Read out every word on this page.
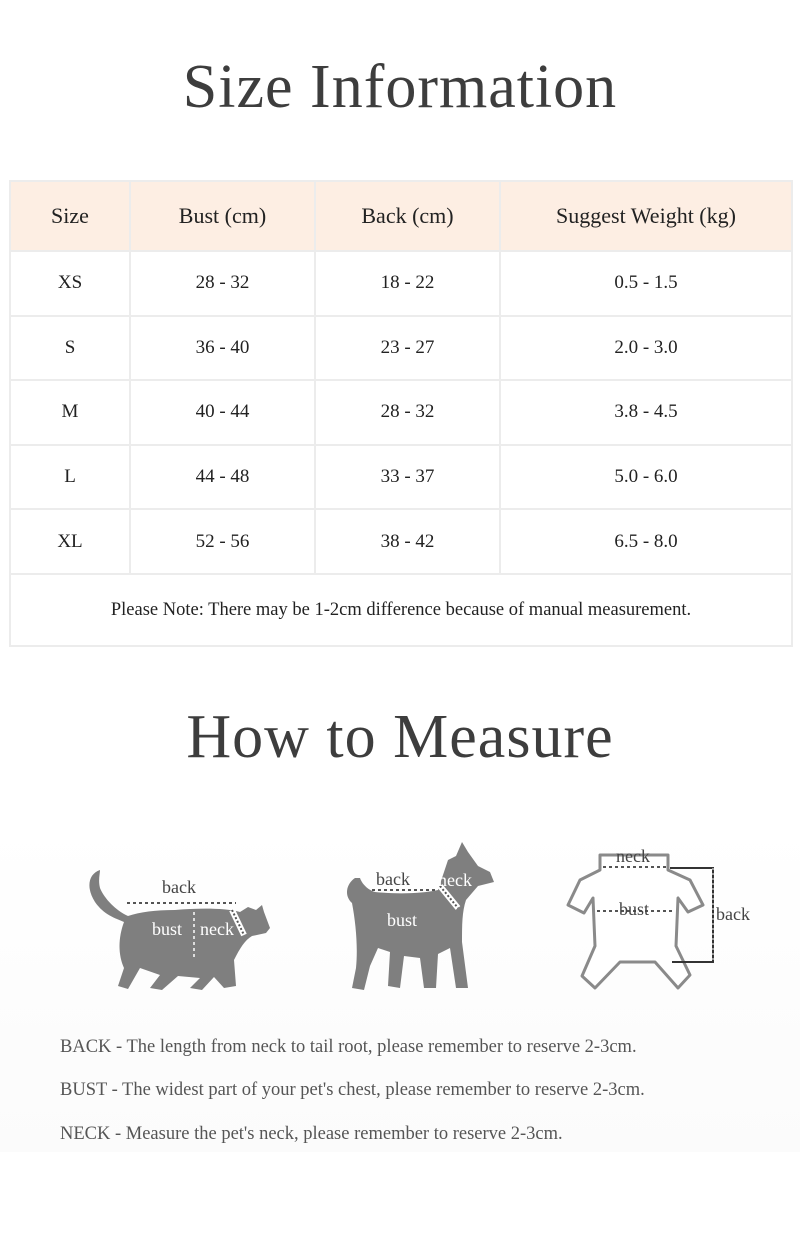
Size Information
Size	Bust (cm)	Back (cm)	Suggest Weight (kg)
XS	28 - 32	18 - 22	0.5 - 1.5
S	36 - 40	23 - 27	2.0 - 3.0
M	40 - 44	28 - 32	3.8 - 4.5
L	44 - 48	33 - 37	5.0 - 6.0
XL	52 - 56	38 - 42	6.5 - 8.0
Please Note: There may be 1-2cm difference because of manual measurement.			
How to Measure
back
bust neck
back neck
bust
neck
bust	back

BACK - The length from neck to tail root, please remember to reserve 2-3cm.

BUST - The widest part of your pet's chest, please remember to reserve 2-3cm.

NECK - Measure the pet's neck, please remember to reserve 2-3cm.
